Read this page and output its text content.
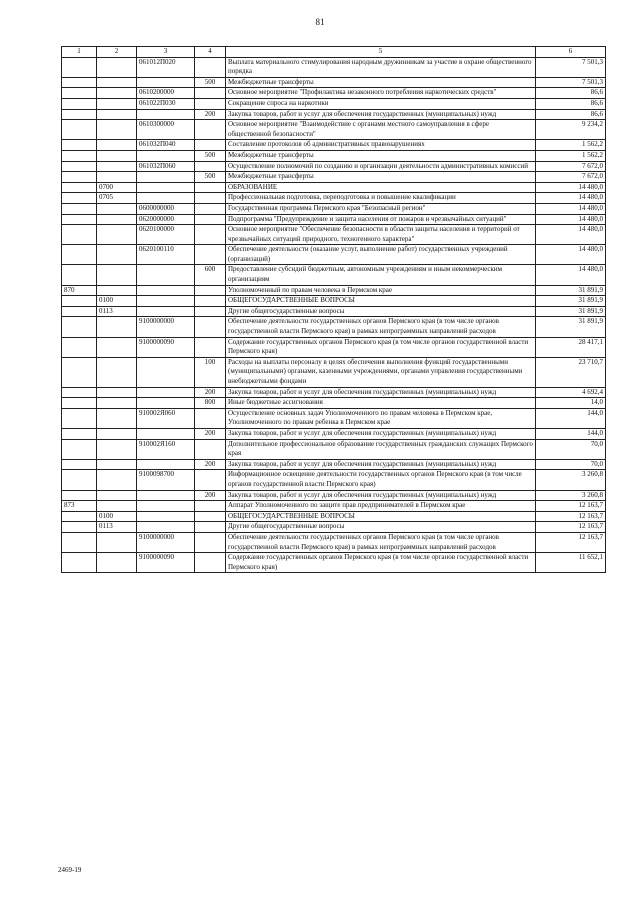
81
1	2	3	4	5	6
		061012П020		Выплата материального стимулирования народным дружинникам за участие в охране общественного порядка	7 501,3
			500	Межбюджетные трансферты	7 501,3
		0610200000		Основное мероприятие "Профилактика незаконного потребления наркотических средств"	86,6
		061022П030		Сокращение спроса на наркотики	86,6
			200	Закупка товаров, работ и услуг для обеспечения государственных (муниципальных) нужд	86,6
		0610300000		Основное мероприятие "Взаимодействие с органами местного самоуправления в сфере общественной безопасности"	9 234,2
		061032П040		Составление протоколов об административных правонарушениях	1 562,2
			500	Межбюджетные трансферты	1 562,2
		061032П060		Осуществление полномочий по созданию и организации деятельности административных комиссий	7 672,0
			500	Межбюджетные трансферты	7 672,0
	0700			ОБРАЗОВАНИЕ	14 480,0
	0705			Профессиональная подготовка, переподготовка и повышение квалификации	14 480,0
		0600000000		Государственная программа Пермского края "Безопасный регион"	14 480,0
		0620000000		Подпрограмма "Предупреждение и защита населения от пожаров и чрезвычайных ситуаций"	14 480,0
		0620100000		Основное мероприятие "Обеспечение безопасности в области защиты населения и территорий от чрезвычайных ситуаций природного, техногенного характера"	14 480,0
		0620100110		Обеспечение деятельности (оказание услуг, выполнение работ) государственных учреждений (организаций)	14 480,0
			600	Предоставление субсидий бюджетным, автономным учреждениям и иным некоммерческим организациям	14 480,0
870				Уполномоченный по правам человека в Пермском крае	31 891,9
	0100			ОБЩЕГОСУДАРСТВЕННЫЕ ВОПРОСЫ	31 891,9
	0113			Другие общегосударственные вопросы	31 891,9
		9100000000		Обеспечение деятельности государственных органов Пермского края (в том числе органов государственной власти Пермского края) в рамках непрограммных направлений расходов	31 891,9
		9100000090		Содержание государственных органов Пермского края (в том числе органов государственной власти Пермского края)	28 417,1
			100	Расходы на выплаты персоналу в целях обеспечения выполнения функций государственными (муниципальными) органами, казенными учреждениями, органами управления государственными внебюджетными фондами	23 710,7
			200	Закупка товаров, работ и услуг для обеспечения государственных (муниципальных) нужд	4 692,4
			800	Иные бюджетные ассигнования	14,0
		910002Я060		Осуществление основных задач Уполномоченного по правам человека в Пермском крае, Уполномоченного по правам ребенка в Пермском крае	144,0
			200	Закупка товаров, работ и услуг для обеспечения государственных (муниципальных) нужд	144,0
		910002Я160		Дополнительное профессиональное образование государственных гражданских служащих Пермского края	70,0
			200	Закупка товаров, работ и услуг для обеспечения государственных (муниципальных) нужд	70,0
		9100098700		Информационное освещение деятельности государственных органов Пермского края (в том числе органов государственной власти Пермского края)	3 260,8
			200	Закупка товаров, работ и услуг для обеспечения государственных (муниципальных) нужд	3 260,8
873				Аппарат Уполномоченного по защите прав предпринимателей в Пермском крае	12 163,7
	0100			ОБЩЕГОСУДАРСТВЕННЫЕ ВОПРОСЫ	12 163,7
	0113			Другие общегосударственные вопросы	12 163,7
		9100000000		Обеспечение деятельности государственных органов Пермского края (в том числе органов государственной власти Пермского края) в рамках непрограммных направлений расходов	12 163,7
		9100000090		Содержание государственных органов Пермского края (в том числе органов государственной власти Пермского края)	11 652,1
2469-19
